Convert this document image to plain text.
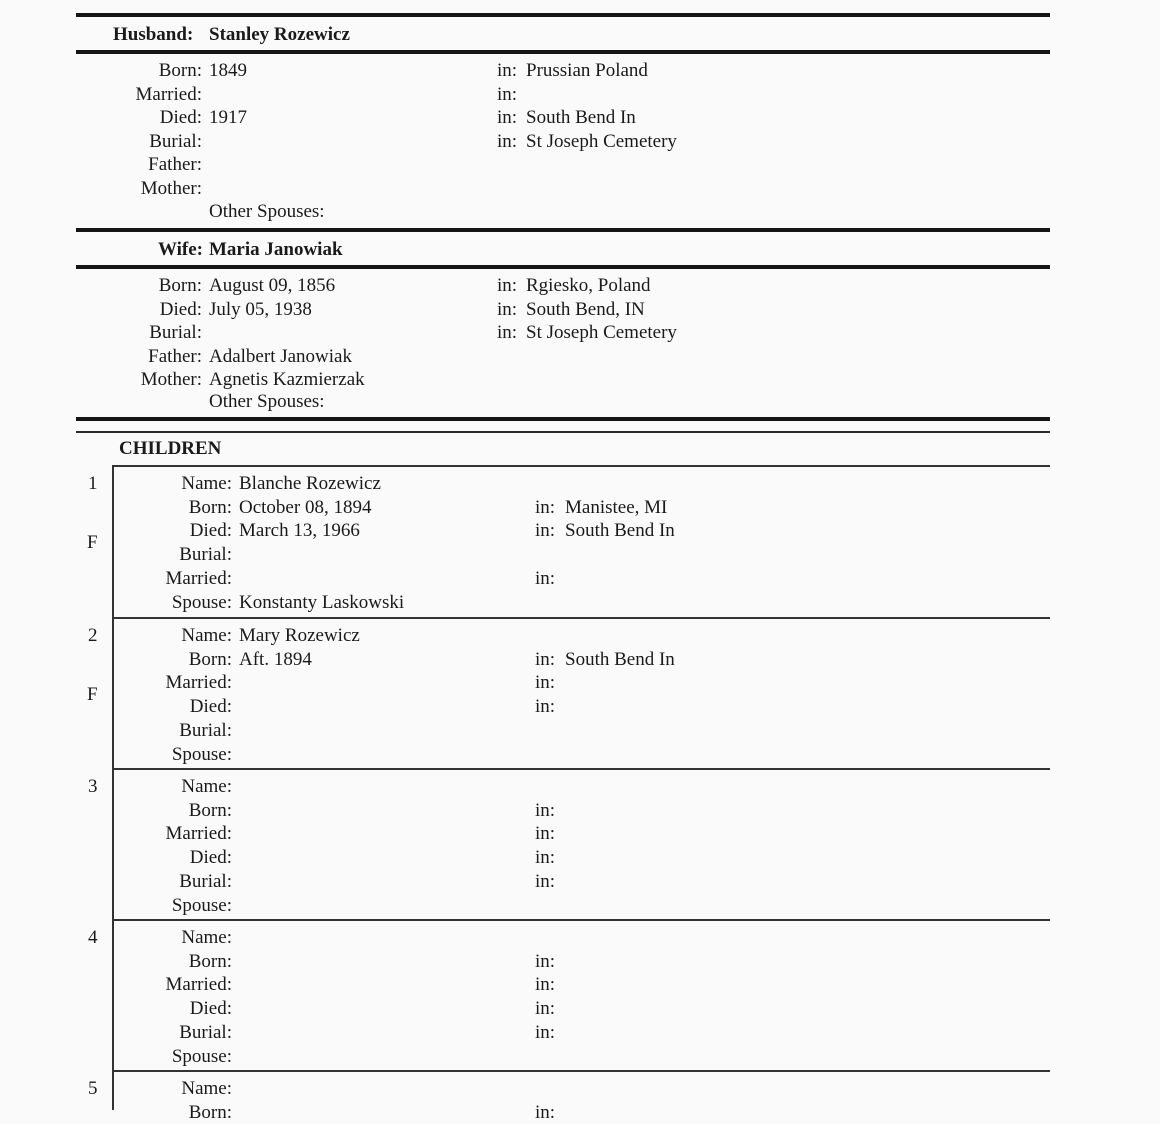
Husband: Stanley Rozewicz
Born: 1849	in: Prussian Poland
Married:	in:
Died: 1917	in: South Bend In
Burial:	in: St Joseph Cemetery
Father:
Mother:
Other Spouses:
Wife: Maria Janowiak
Born: August 09, 1856	in: Rgiesko, Poland
Died: July 05, 1938	in: South Bend, IN
Burial:	in: St Joseph Cemetery
Father: Adalbert Janowiak
Mother: Agnetis Kazmierzak
Other Spouses:
CHILDREN
1
F
Name: Blanche Rozewicz
Born: October 08, 1894	in: Manistee, MI
Died: March 13, 1966	in: South Bend In
Burial:
Married:	in:
Spouse: Konstanty Laskowski
2
F
Name: Mary Rozewicz
Born: Aft. 1894	in: South Bend In
Married:	in:
Died:	in:
Burial:
Spouse:
3	Name:
Born:	in:
Married:	in:
Died:	in:
Burial:	in:
Spouse:
4	Name:
Born:	in:
Married:	in:
Died:	in:
Burial:	in:
Spouse:
5	Name:
Born:	in:
